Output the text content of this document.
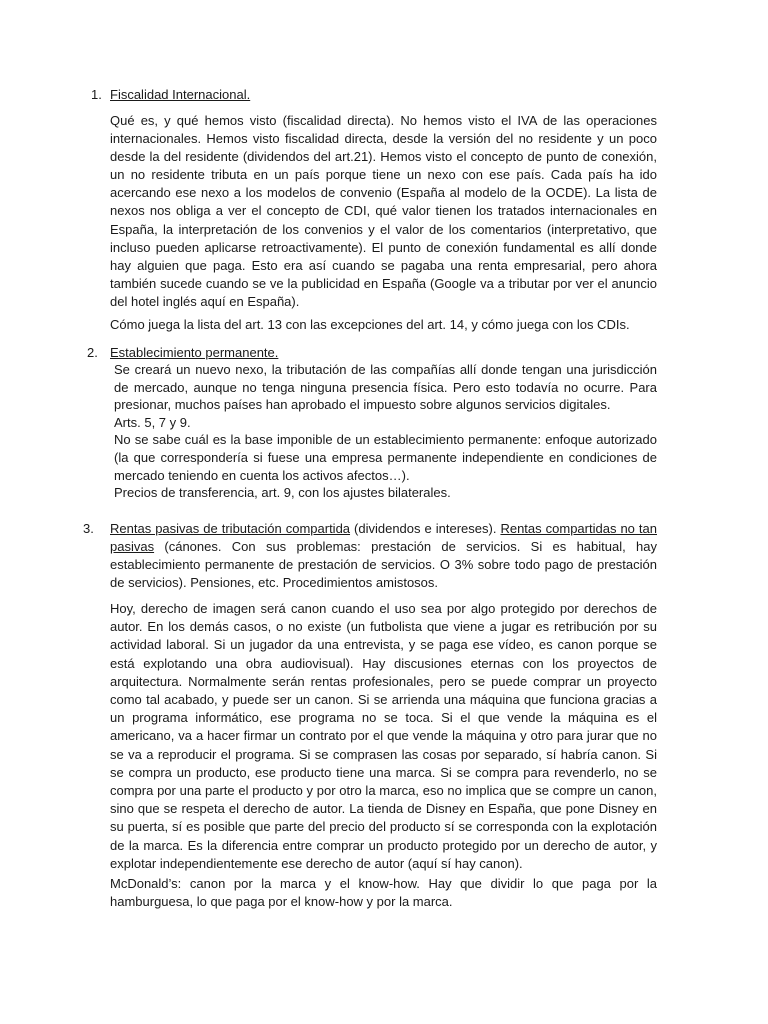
1. Fiscalidad Internacional.

Qué es, y qué hemos visto (fiscalidad directa). No hemos visto el IVA de las operaciones internacionales. Hemos visto fiscalidad directa, desde la versión del no residente y un poco desde la del residente (dividendos del art.21). Hemos visto el concepto de punto de conexión, un no residente tributa en un país porque tiene un nexo con ese país. Cada país ha ido acercando ese nexo a los modelos de convenio (España al modelo de la OCDE). La lista de nexos nos obliga a ver el concepto de CDI, qué valor tienen los tratados internacionales en España, la interpretación de los convenios y el valor de los comentarios (interpretativo, que incluso pueden aplicarse retroactivamente). El punto de conexión fundamental es allí donde hay alguien que paga. Esto era así cuando se pagaba una renta empresarial, pero ahora también sucede cuando se ve la publicidad en España (Google va a tributar por ver el anuncio del hotel inglés aquí en España).

Cómo juega la lista del art. 13 con las excepciones del art. 14, y cómo juega con los CDIs.

2. Establecimiento permanente.
Se creará un nuevo nexo, la tributación de las compañías allí donde tengan una jurisdicción de mercado, aunque no tenga ninguna presencia física. Pero esto todavía no ocurre. Para presionar, muchos países han aprobado el impuesto sobre algunos servicios digitales.
Arts. 5, 7 y 9.
No se sabe cuál es la base imponible de un establecimiento permanente: enfoque autorizado (la que correspondería si fuese una empresa permanente independiente en condiciones de mercado teniendo en cuenta los activos afectos…).
Precios de transferencia, art. 9, con los ajustes bilaterales.
3. Rentas pasivas de tributación compartida (dividendos e intereses). Rentas compartidas no tan pasivas (cánones. Con sus problemas: prestación de servicios. Si es habitual, hay establecimiento permanente de prestación de servicios. O 3% sobre todo pago de prestación de servicios). Pensiones, etc. Procedimientos amistosos.

Hoy, derecho de imagen será canon cuando el uso sea por algo protegido por derechos de autor. En los demás casos, o no existe (un futbolista que viene a jugar es retribución por su actividad laboral. Si un jugador da una entrevista, y se paga ese vídeo, es canon porque se está explotando una obra audiovisual). Hay discusiones eternas con los proyectos de arquitectura. Normalmente serán rentas profesionales, pero se puede comprar un proyecto como tal acabado, y puede ser un canon. Si se arrienda una máquina que funciona gracias a un programa informático, ese programa no se toca. Si el que vende la máquina es el americano, va a hacer firmar un contrato por el que vende la máquina y otro para jurar que no se va a reproducir el programa. Si se comprasen las cosas por separado, sí habría canon. Si se compra un producto, ese producto tiene una marca. Si se compra para revenderlo, no se compra por una parte el producto y por otro la marca, eso no implica que se compre un canon, sino que se respeta el derecho de autor. La tienda de Disney en España, que pone Disney en su puerta, sí es posible que parte del precio del producto sí se corresponda con la explotación de la marca. Es la diferencia entre comprar un producto protegido por un derecho de autor, y explotar independientemente ese derecho de autor (aquí sí hay canon).

McDonald’s: canon por la marca y el know-how. Hay que dividir lo que paga por la hamburguesa, lo que paga por el know-how y por la marca.
